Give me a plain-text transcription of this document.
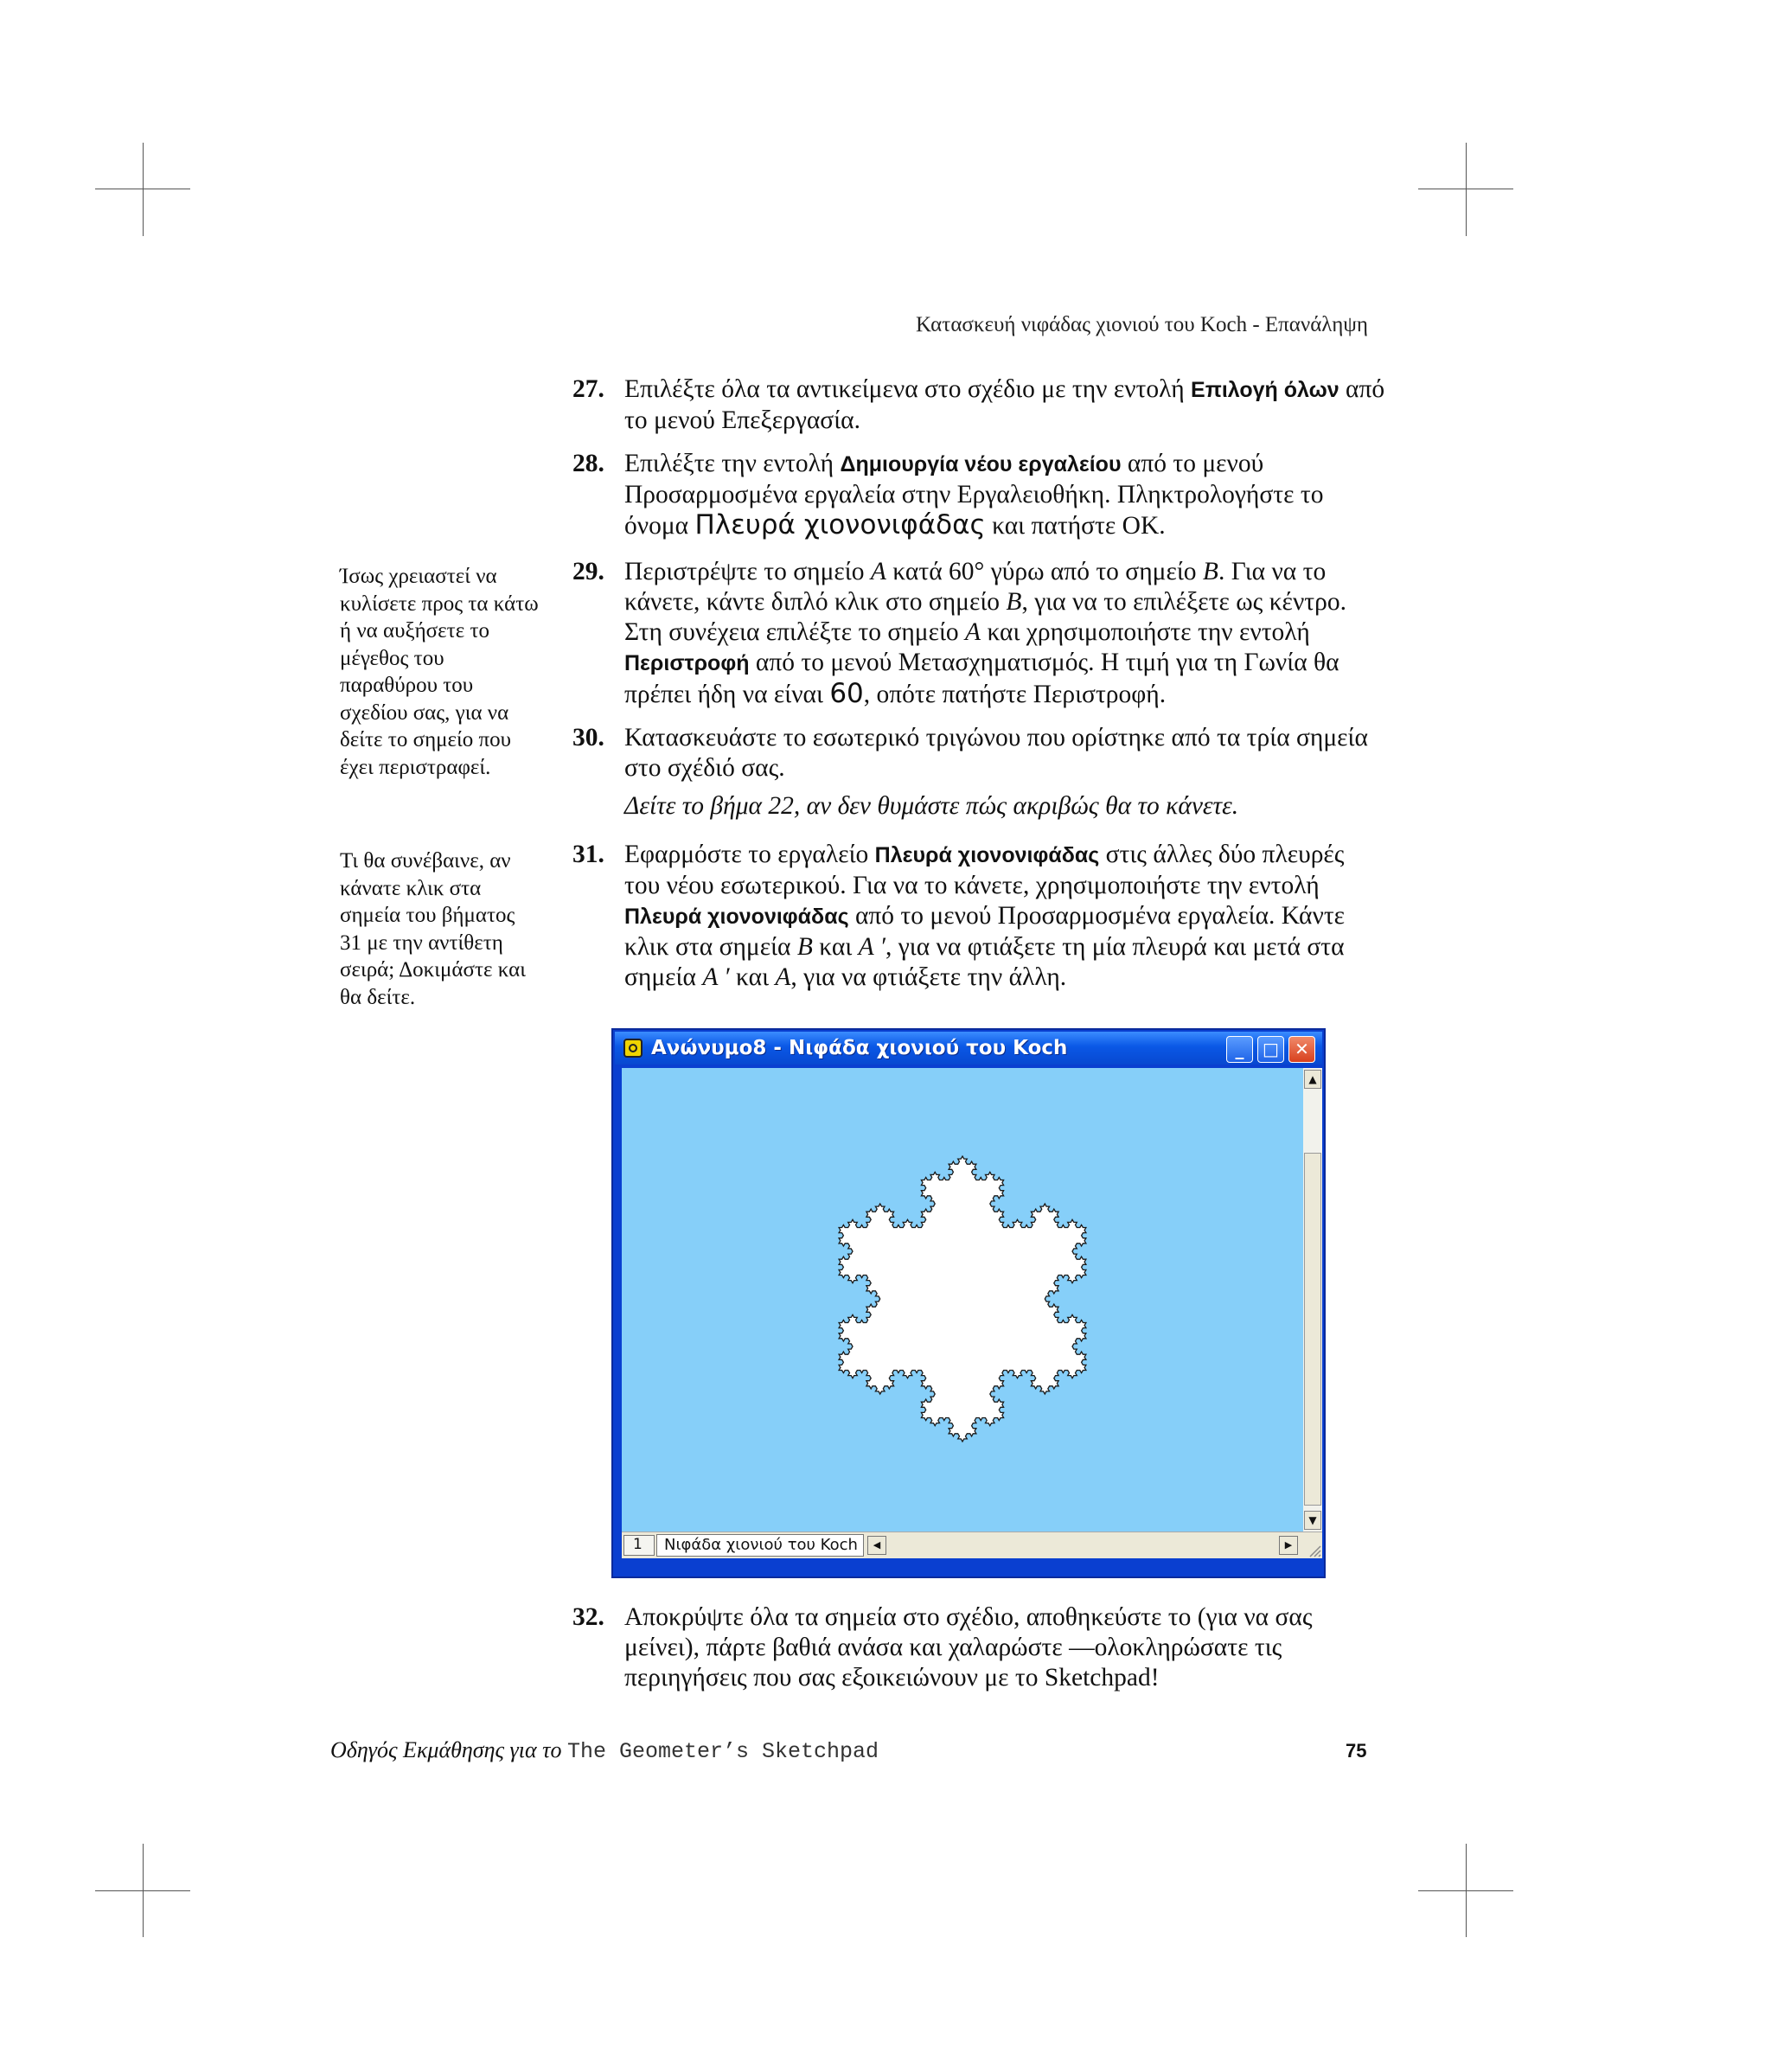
Κατασκευή νιφάδας χιονιού του Koch - Επανάληψη
27. Επιλέξτε όλα τα αντικείμενα στο σχέδιο με την εντολή Επιλογή όλων από το μενού Επεξεργασία.
28. Επιλέξτε την εντολή Δημιουργία νέου εργαλείου από το μενού Προσαρμοσμένα εργαλεία στην Εργαλειοθήκη. Πληκτρολογήστε το όνομα Πλευρά χιονονιφάδας και πατήστε OK.
29. Περιστρέψτε το σημείο A κατά 60° γύρω από το σημείο B. Για να το κάνετε, κάντε διπλό κλικ στο σημείο B, για να το επιλέξετε ως κέντρο. Στη συνέχεια επιλέξτε το σημείο A και χρησιμοποιήστε την εντολή Περιστροφή από το μενού Μετασχηματισμός. Η τιμή για τη Γωνία θα πρέπει ήδη να είναι 60, οπότε πατήστε Περιστροφή.
30. Κατασκευάστε το εσωτερικό τριγώνου που ορίστηκε από τα τρία σημεία στο σχέδιό σας.
Δείτε το βήμα 22, αν δεν θυμάστε πώς ακριβώς θα το κάνετε.
31. Εφαρμόστε το εργαλείο Πλευρά χιονονιφάδας στις άλλες δύο πλευρές του νέου εσωτερικού. Για να το κάνετε, χρησιμοποιήστε την εντολή Πλευρά χιονονιφάδας από το μενού Προσαρμοσμένα εργαλεία. Κάντε κλικ στα σημεία B και A ′, για να φτιάξετε τη μία πλευρά και μετά στα σημεία A ′ και A, για να φτιάξετε την άλλη.
32. Αποκρύψτε όλα τα σημεία στο σχέδιο, αποθηκεύστε το (για να σας μείνει), πάρτε βαθιά ανάσα και χαλαρώστε —ολοκληρώσατε τις περιηγήσεις που σας εξοικειώνουν με το Sketchpad!
Ίσως χρειαστεί να κυλίσετε προς τα κάτω ή να αυξήσετε το μέγεθος του παραθύρου του σχεδίου σας, για να δείτε το σημείο που έχει περιστραφεί.
Τι θα συνέβαινε, αν κάνατε κλικ στα σημεία του βήματος 31 με την αντίθετη σειρά; Δοκιμάστε και θα δείτε.
Ανώνυμο8 - Νιφάδα χιονιού του Koch	_	□ ✕
▲
▼
1	Νιφάδα χιονιού του Koch	◀	▶
Οδηγός Εκμάθησης για το The Geometer’s Sketchpad	75
